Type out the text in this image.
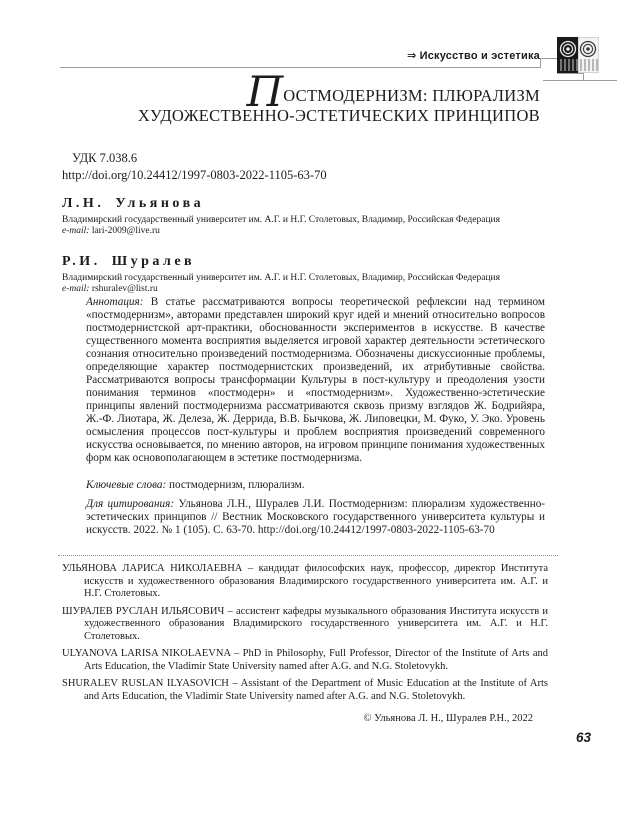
⇒ Искусство и эстетика
ПОСТМОДЕРНИЗМ: ПЛЮРАЛИЗМ
ХУДОЖЕСТВЕННО-ЭСТЕТИЧЕСКИХ ПРИНЦИПОВ
УДК 7.038.6
http://doi.org/10.24412/1997-0803-2022-1105-63-70
Л.Н. Ульянова
Владимирский государственный университет им. А.Г. и Н.Г. Столетовых, Владимир, Российская Федерация
e-mail: lari-2009@live.ru
Р.И. Шуралев
Владимирский государственный университет им. А.Г. и Н.Г. Столетовых, Владимир, Российская Федерация
e-mail: rshuralev@list.ru
Аннотация: В статье рассматриваются вопросы теоретической рефлексии над термином «постмодернизм», авторами представлен широкий круг идей и мнений относительно вопросов постмодернистской арт-практики, обоснованности экспериментов в искусстве. В качестве существенного момента восприятия выделяется игровой характер деятельности эстетического сознания относительно произведений постмодернизма. Обозначены дискуссионные проблемы, определяющие характер постмодернистских произведений, их атрибутивные свойства. Рассматриваются вопросы трансформации Культуры в пост-культуру и преодоления узости понимания терминов «постмодерн» и «постмодернизм». Художественно-эстетические принципы явлений постмодернизма рассматриваются сквозь призму взглядов Ж. Бодрийяра, Ж.-Ф. Лиотара, Ж. Делеза, Ж. Деррида, В.В. Бычкова, Ж. Липовецки, М. Фуко, У. Эко. Уровень осмысления процессов пост-культуры и проблем восприятия произведений современного искусства основывается, по мнению авторов, на игровом принципе понимания художественных форм как основополагающем в эстетике постмодернизма.
Ключевые слова: постмодернизм, плюрализм.
Для цитирования: Ульянова Л.Н., Шуралев Л.И. Постмодернизм: плюрализм художественно-эстетических принципов // Вестник Московского государственного университета культуры и искусств. 2022. № 1 (105). С. 63-70. http://doi.org/10.24412/1997-0803-2022-1105-63-70

УЛЬЯНОВА ЛАРИСА НИКОЛАЕВНА – кандидат философских наук, профессор, директор Института искусств и художественного образования Владимирского государственного университета им. А.Г. и Н.Г. Столетовых.

ШУРАЛЕВ РУСЛАН ИЛЬЯСОВИЧ – ассистент кафедры музыкального образования Института искусств и художественного образования Владимирского государственного университета им. А.Г. и Н.Г. Столетовых.

ULYANOVA LARISA NIKOLAEVNA – PhD in Philosophy, Full Professor, Director of the Institute of Arts and Arts Education, the Vladimir State University named after A.G. and N.G. Stoletovykh.

SHURALEV RUSLAN ILYASOVICH – Assistant of the Department of Music Education at the Institute of Arts and Arts Education, the Vladimir State University named after A.G. and N.G. Stoletovykh.

© Ульянова Л. Н., Шуралев Р.Н., 2022
63
